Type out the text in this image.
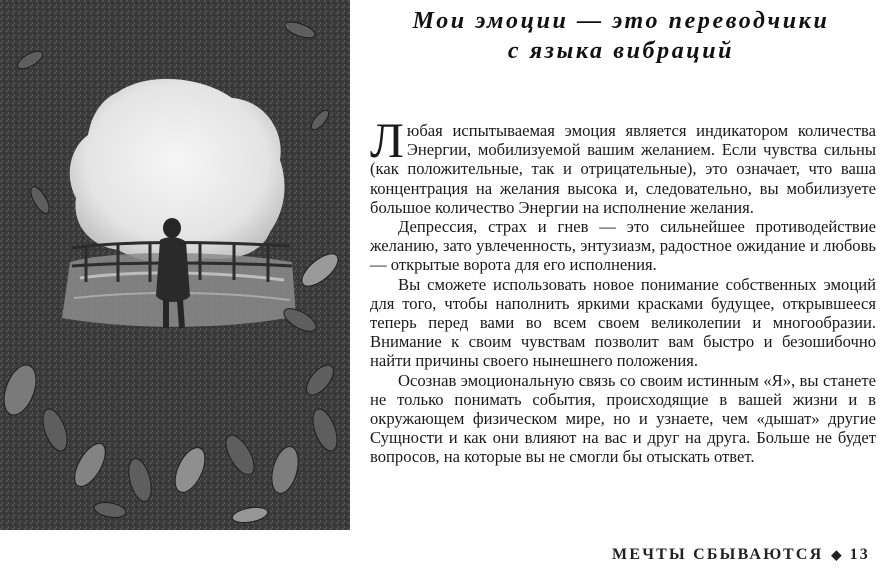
Мои эмоции — это переводчики
с языка вибраций

Любая испытываемая эмоция является индикатором количества Энергии, мобилизуемой вашим желанием. Если чувства сильны (как положительные, так и отрицательные), это означает, что ваша концентрация на желания высока и, следовательно, вы мобилизуете большое количество Энергии на исполнение желания.

Депрессия, страх и гнев — это сильнейшее противодействие желанию, зато увлеченность, энтузиазм, радостное ожидание и любовь — открытые ворота для его исполнения.

Вы сможете использовать новое понимание собственных эмоций для того, чтобы наполнить яркими красками будущее, открывшееся теперь перед вами во всем своем великолепии и многообразии. Внимание к своим чувствам позволит вам быстро и безошибочно найти причины своего нынешнего положения.

Осознав эмоциональную связь со своим истинным «Я», вы станете не только понимать события, происходящие в вашей жизни и в окружающем физическом мире, но и узнаете, чем «дышат» другие Сущности и как они влияют на вас и друг на друга. Больше не будет вопросов, на которые вы не смогли бы отыскать ответ.

МЕЧТЫ СБЫВАЮТСЯ ◆ 13
